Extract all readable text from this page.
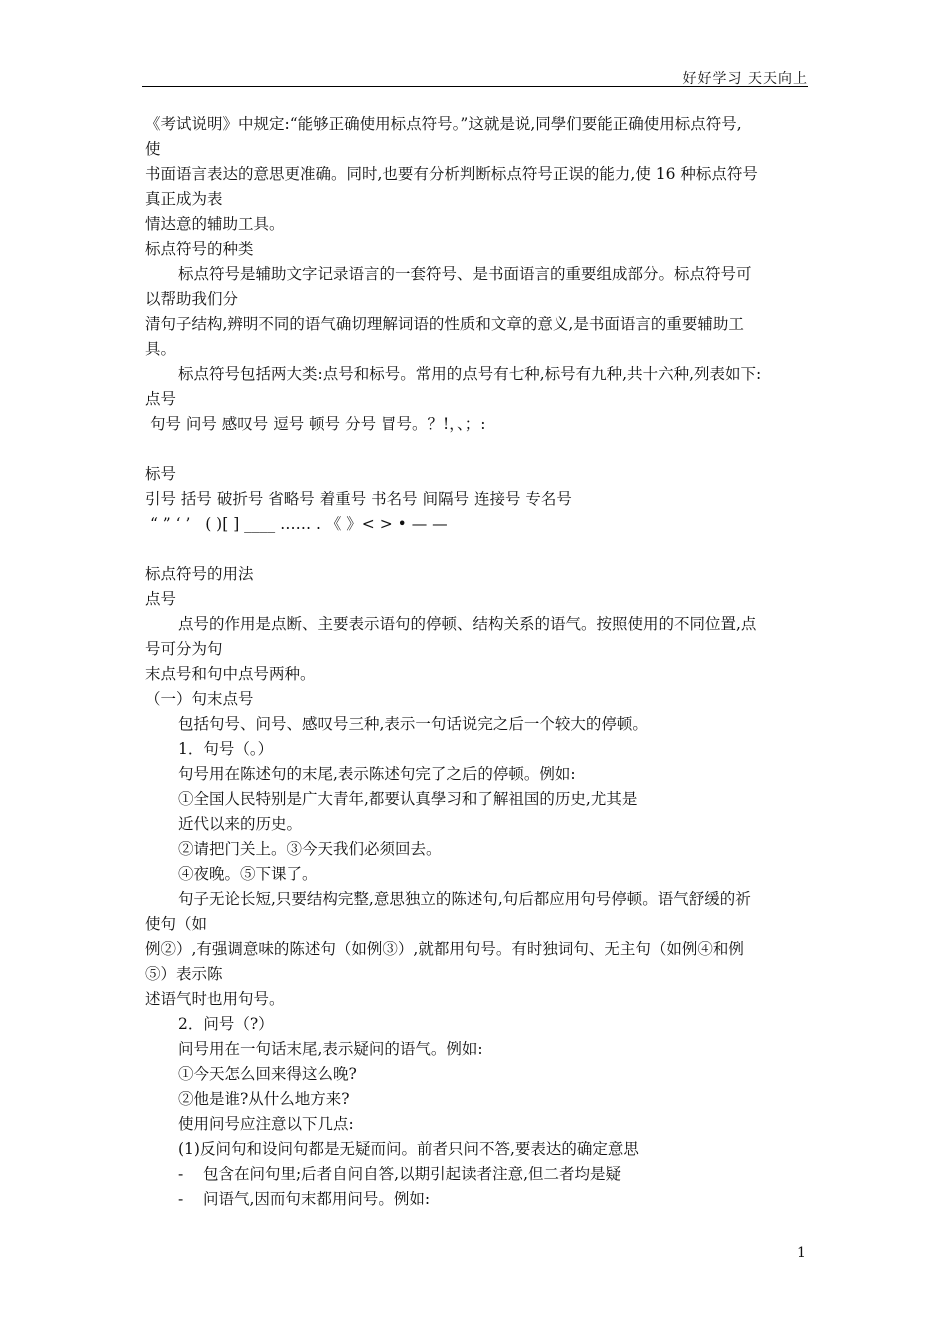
好好学习 天天向上

《考试说明》中规定:“能够正确使用标点符号。”这就是说,同學们要能正确使用标点符号,

使

书面语言表达的意思更准确。同时,也要有分析判断标点符号正误的能力,使 16 种标点符号

真正成为表

情达意的辅助工具。

标点符号的种类

标点符号是辅助文字记录语言的一套符号、是书面语言的重要组成部分。标点符号可

以帮助我们分

清句子结构,辨明不同的语气确切理解词语的性质和文章的意义,是书面语言的重要辅助工

具。

标点符号包括两大类:点号和标号。常用的点号有七种,标号有九种,共十六种,列表如下:

点号

句号 问号 感叹号 逗号 顿号 分号 冒号。？!，、；:

标号

引号 括号 破折号 省略号 着重号 书名号 间隔号 连接号 专名号

“ ” ‘ ’   ( )[ ] ____ …… . 《 》< > • — —

标点符号的用法

点号

点号的作用是点断、主要表示语句的停顿、结构关系的语气。按照使用的不同位置,点

号可分为句

末点号和句中点号两种。

（一）句末点号

包括句号、问号、感叹号三种,表示一句话说完之后一个较大的停顿。

1．句号（。）

句号用在陈述句的末尾,表示陈述句完了之后的停顿。例如:

①全国人民特别是广大青年,都要认真學习和了解祖国的历史,尤其是

近代以来的历史。

②请把门关上。③今天我们必须回去。

④夜晚。⑤下课了。

句子无论长短,只要结构完整,意思独立的陈述句,句后都应用句号停顿。语气舒缓的祈

使句（如

例②）,有强调意味的陈述句（如例③）,就都用句号。有时独词句、无主句（如例④和例

⑤）表示陈

述语气时也用句号。

2．问号（?）

问号用在一句话末尾,表示疑问的语气。例如:

①今天怎么回来得这么晚?

②他是谁?从什么地方来?

使用问号应注意以下几点:

(1)反问句和设问句都是无疑而问。前者只问不答,要表达的确定意思

-    包含在问句里;后者自问自答,以期引起读者注意,但二者均是疑

-    问语气,因而句末都用问号。例如:

1
